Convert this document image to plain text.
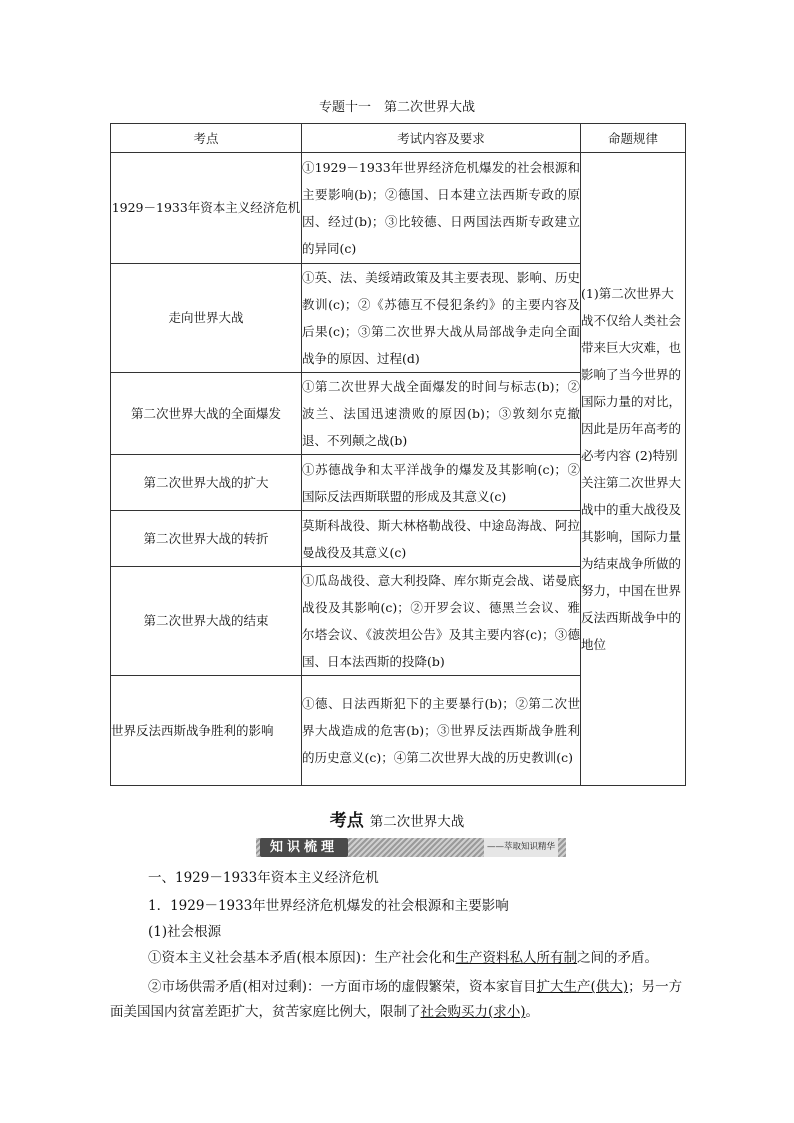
专题十一　第二次世界大战
考点	考试内容及要求	命题规律
1929－1933年资本主义经济危机	①1929－1933年世界经济危机爆发的社会根源和主要影响(b)；②德国、日本建立法西斯专政的原因、经过(b)；③比较德、日两国法西斯专政建立的异同(c)	(1)第二次世界大战不仅给人类社会带来巨大灾难，也影响了当今世界的国际力量的对比，因此是历年高考的必考内容 (2)特别关注第二次世界大战中的重大战役及其影响，国际力量为结束战争所做的努力，中国在世界反法西斯战争中的地位
走向世界大战	①英、法、美绥靖政策及其主要表现、影响、历史教训(c)；②《苏德互不侵犯条约》的主要内容及后果(c)；③第二次世界大战从局部战争走向全面战争的原因、过程(d)	
第二次世界大战的全面爆发	①第二次世界大战全面爆发的时间与标志(b)；②波兰、法国迅速溃败的原因(b)；③敦刻尔克撤退、不列颠之战(b)	
第二次世界大战的扩大	①苏德战争和太平洋战争的爆发及其影响(c)；②国际反法西斯联盟的形成及其意义(c)	
第二次世界大战的转折	莫斯科战役、斯大林格勒战役、中途岛海战、阿拉曼战役及其意义(c)	
第二次世界大战的结束	①瓜岛战役、意大利投降、库尔斯克会战、诺曼底战役及其影响(c)；②开罗会议、德黑兰会议、雅尔塔会议、《波茨坦公告》及其主要内容(c)；③德国、日本法西斯的投降(b)	
世界反法西斯战争胜利的影响	①德、日法西斯犯下的主要暴行(b)；②第二次世界大战造成的危害(b)；③世界反法西斯战争胜利的历史意义(c)；④第二次世界大战的历史教训(c)	
考点 第二次世界大战
知识梳理	——萃取知识精华
一、1929－1933年资本主义经济危机
1．1929－1933年世界经济危机爆发的社会根源和主要影响
(1)社会根源
①资本主义社会基本矛盾(根本原因)：生产社会化和生产资料私人所有制之间的矛盾。
②市场供需矛盾(相对过剩)：一方面市场的虚假繁荣，资本家盲目扩大生产(供大)；另一方面美国国内贫富差距扩大，贫苦家庭比例大，限制了社会购买力(求小)。
